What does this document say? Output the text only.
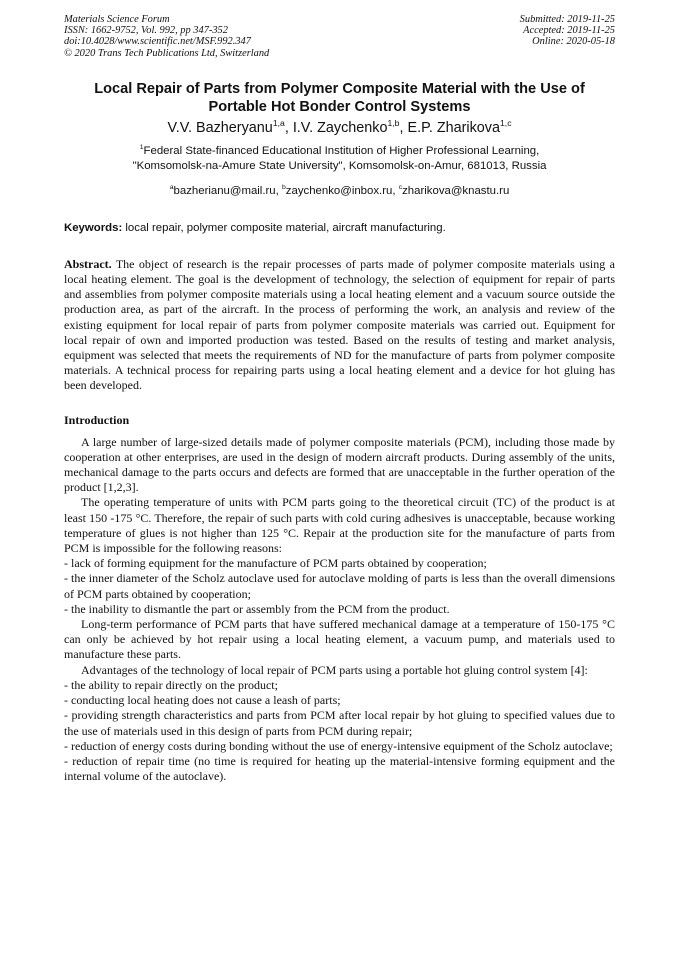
Materials Science Forum
ISSN: 1662-9752, Vol. 992, pp 347-352
doi:10.4028/www.scientific.net/MSF.992.347
© 2020 Trans Tech Publications Ltd, Switzerland
Submitted: 2019-11-25
Accepted: 2019-11-25
Online: 2020-05-18
Local Repair of Parts from Polymer Composite Material with the Use of
Portable Hot Bonder Control Systems
V.V. Bazheryanu$^{1,a}$, I.V. Zaychenko$^{1,b}$, E.P. Zharikova$^{1,c}$
$^1$Federal State-financed Educational Institution of Higher Professional Learning,
"Komsomolsk-na-Amure State University", Komsomolsk-on-Amur, 681013, Russia
$^a$bazherianu@mail.ru, $^b$zaychenko@inbox.ru, $^c$zharikova@knastu.ru
Keywords: local repair, polymer composite material, aircraft manufacturing.
Abstract. The object of research is the repair processes of parts made of polymer composite materials using a local heating element. The goal is the development of technology, the selection of equipment for repair of parts and assemblies from polymer composite materials using a local heating element and a vacuum source outside the production area, as part of the aircraft. In the process of performing the work, an analysis and review of the existing equipment for local repair of parts from polymer composite materials was carried out. Equipment for local repair of own and imported production was tested. Based on the results of testing and market analysis, equipment was selected that meets the requirements of ND for the manufacture of parts from polymer composite materials. A technical process for repairing parts using a local heating element and a device for hot gluing has been developed.
Introduction

A large number of large-sized details made of polymer composite materials (PCM), including those made by cooperation at other enterprises, are used in the design of modern aircraft products. During assembly of the units, mechanical damage to the parts occurs and defects are formed that are unacceptable in the further operation of the product [1,2,3].

The operating temperature of units with PCM parts going to the theoretical circuit (TC) of the product is at least 150 -175 °C. Therefore, the repair of such parts with cold curing adhesives is unacceptable, because working temperature of glues is not higher than 125 °C. Repair at the production site for the manufacture of parts from PCM is impossible for the following reasons:

- lack of forming equipment for the manufacture of PCM parts obtained by cooperation;

- the inner diameter of the Scholz autoclave used for autoclave molding of parts is less than the overall dimensions of PCM parts obtained by cooperation;

- the inability to dismantle the part or assembly from the PCM from the product.

Long-term performance of PCM parts that have suffered mechanical damage at a temperature of 150-175 °C can only be achieved by hot repair using a local heating element, a vacuum pump, and materials used to manufacture these parts.

Advantages of the technology of local repair of PCM parts using a portable hot gluing control system [4]:

- the ability to repair directly on the product;

- conducting local heating does not cause a leash of parts;

- providing strength characteristics and parts from PCM after local repair by hot gluing to specified values due to the use of materials used in this design of parts from PCM during repair;

- reduction of energy costs during bonding without the use of energy-intensive equipment of the Scholz autoclave;

- reduction of repair time (no time is required for heating up the material-intensive forming equipment and the internal volume of the autoclave).
